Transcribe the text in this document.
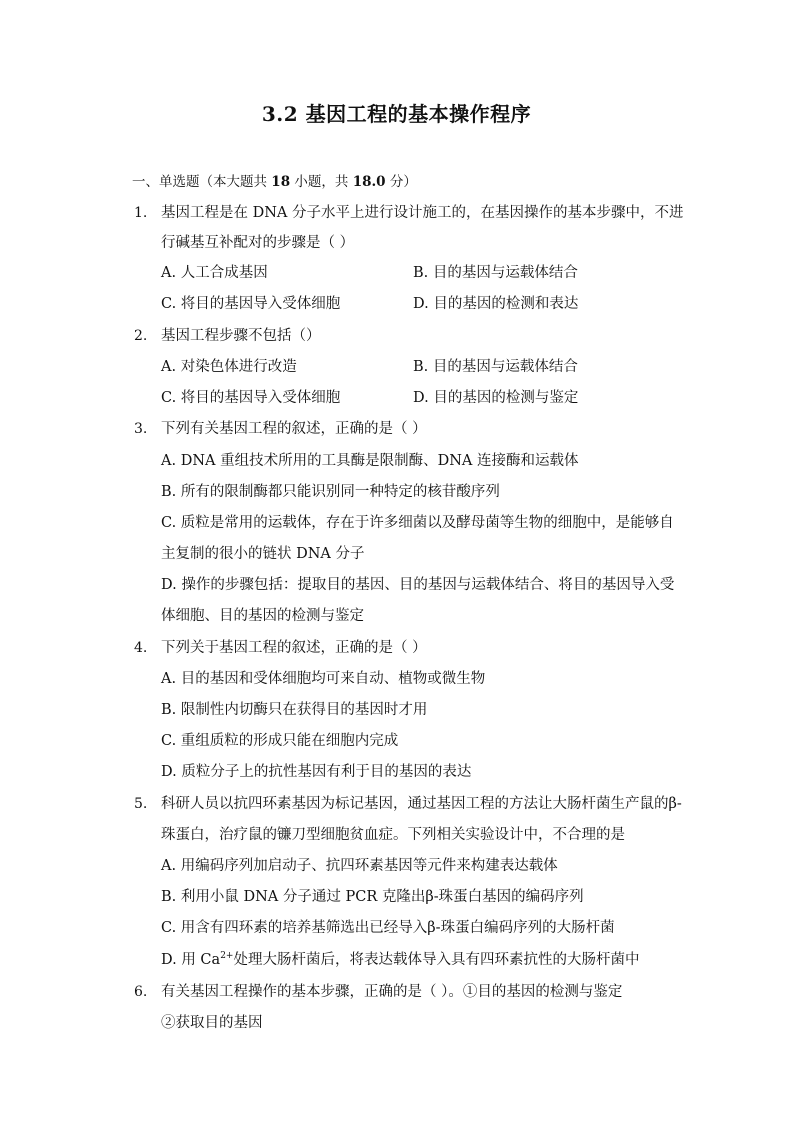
3.2 基因工程的基本操作程序
一、单选题（本大题共 18 小题，共 18.0 分）
1. 基因工程是在 DNA 分子水平上进行设计施工的，在基因操作的基本步骤中，不进
行碱基互补配对的步骤是（ ）
A. 人工合成基因	B. 目的基因与运载体结合
C. 将目的基因导入受体细胞	D. 目的基因的检测和表达
2. 基因工程步骤不包括（）
A. 对染色体进行改造	B. 目的基因与运载体结合
C. 将目的基因导入受体细胞	D. 目的基因的检测与鉴定
3. 下列有关基因工程的叙述，正确的是（ ）
A. DNA 重组技术所用的工具酶是限制酶、DNA 连接酶和运载体
B. 所有的限制酶都只能识别同一种特定的核苷酸序列
C. 质粒是常用的运载体，存在于许多细菌以及酵母菌等生物的细胞中，是能够自
主复制的很小的链状 DNA 分子
D. 操作的步骤包括：提取目的基因、目的基因与运载体结合、将目的基因导入受
体细胞、目的基因的检测与鉴定
4. 下列关于基因工程的叙述，正确的是（ ）
A. 目的基因和受体细胞均可来自动、植物或微生物
B. 限制性内切酶只在获得目的基因时才用
C. 重组质粒的形成只能在细胞内完成
D. 质粒分子上的抗性基因有利于目的基因的表达
5. 科研人员以抗四环素基因为标记基因，通过基因工程的方法让大肠杆菌生产鼠的β-
珠蛋白，治疗鼠的镰刀型细胞贫血症。下列相关实验设计中，不合理的是
A. 用编码序列加启动子、抗四环素基因等元件来构建表达载体
B. 利用小鼠 DNA 分子通过 PCR 克隆出β-珠蛋白基因的编码序列
C. 用含有四环素的培养基筛选出已经导入β-珠蛋白编码序列的大肠杆菌
D. 用 $Ca^{2+}$处理大肠杆菌后，将表达载体导入具有四环素抗性的大肠杆菌中
6. 有关基因工程操作的基本步骤，正确的是（ ）。①目的基因的检测与鉴定
②获取目的基因
